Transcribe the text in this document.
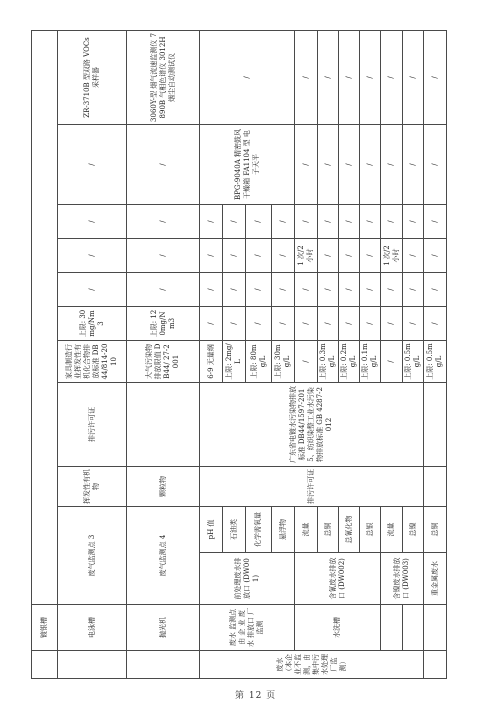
	镀银槽											
	电泳槽	废气监测点 3		挥发性有机物	排污许可证	家具制造行业挥发性有机化合物排放标准 DB44/814-2010	上限: 30mg/Nm 3	/	/	/	/	ZR-3710B 型双路 VOCs 采样器
	抛光机	废气监测点 4		颗粒物		大气污染物排放限值 DB44/ 27-2001	上限: 120mg/N m3	/	/	/	/	3060Y-型 烟气流速监测仪 7890B 气相色谱仪 3012H 烟尘自动测试仪
废水（本企业不监测，由集中污水处理厂监测）	废水 监测点 由 企 业 废水 排放口 厂监测	前处理废水排放口 (DW001)	pH 值	排污许可证	广东省电镀水污染物排放标准 DB44/1597-2015、纺织染整工业水污染物排放标准 GB 4287-2012	6-9 无量纲	/	/	/	/	BPG-9040A 精密鼓风干燥箱 FA1104 型 电子天平	/
			石油类			上限: 2mg/L	/	/	/	/		
			化学需氧量			上限: 80mg/L	/	/	/	/		
			悬浮物			上限: 30mg/L	/	/	/	/		
	水洗槽	含氰废水排放口 (DW002)	流量			/	/	/	1 次/2 小时	/	/	/
			总铜			上限: 0.3mg/L	/	/	/	/	/	/
			总氰化物			上限: 0.2mg/L	/	/	/	/	/	/
			总银			上限: 0.1mg/L	/	/	/	/	/	/
		含镍废水排放口 (DW003)	流量			/	/	/	1 次/2 小时	/	/	/
			总镍			上限: 0.5mg/L	/	/	/	/	/	/
		重金属废水	总铜			上限: 0.5mg/L	/	/	/	/	/	/
第 12 页
